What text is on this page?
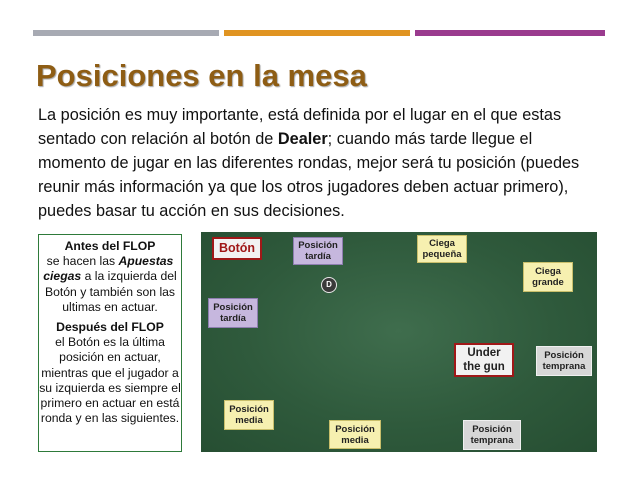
Posiciones en la mesa

La posición es muy importante, está definida por el lugar en el que estas sentado con relación al botón de Dealer; cuando más tarde llegue el momento de jugar en las diferentes rondas, mejor será tu posición (puedes reunir más información ya que los otros jugadores deben actuar primero), puedes basar tu acción en sus decisiones.

Antes del FLOP

se hacen las Apuestas ciegas a la izquierda del Botón y también son las ultimas en actuar.

Después del FLOP

el Botón es la última posición en actuar, mientras que el jugador a su izquierda es siempre el primero en actuar en está ronda y en las siguientes.

Botón	Posición
tardía
Ciega
pequeña
Ciega
grande
D
Posición
tardía
Under
the gun
Posición
temprana
Posición
media
Posición
media
Posición
temprana
